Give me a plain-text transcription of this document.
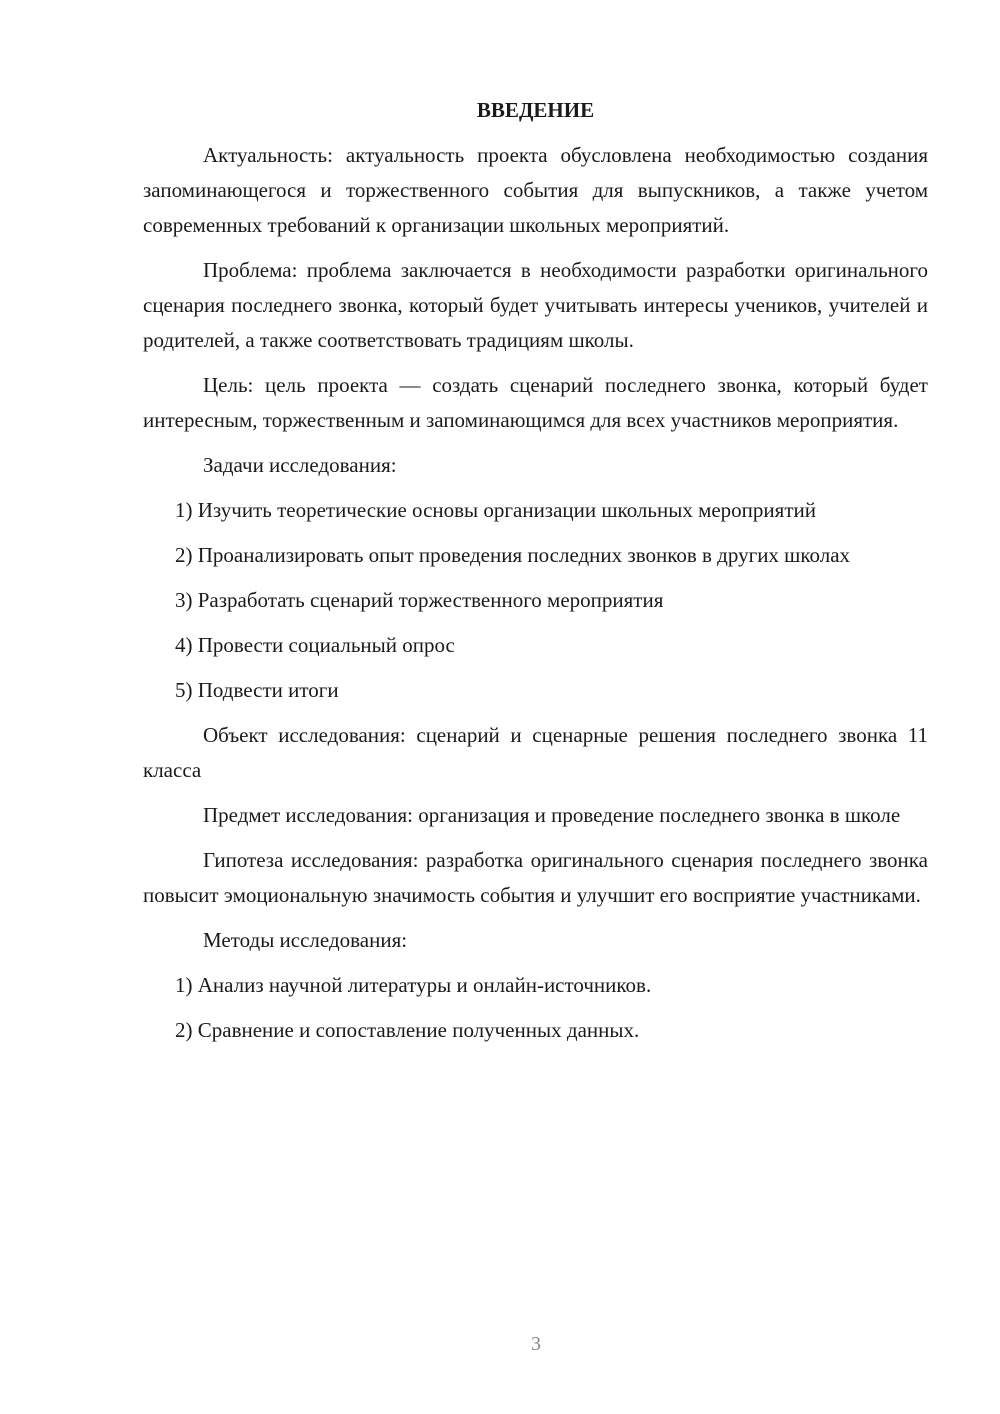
ВВЕДЕНИЕ
Актуальность: актуальность проекта обусловлена необходимостью создания запоминающегося и торжественного события для выпускников, а также учетом современных требований к организации школьных мероприятий.
Проблема: проблема заключается в необходимости разработки оригинального сценария последнего звонка, который будет учитывать интересы учеников, учителей и родителей, а также соответствовать традициям школы.
Цель: цель проекта — создать сценарий последнего звонка, который будет интересным, торжественным и запоминающимся для всех участников мероприятия.
Задачи исследования:
1) Изучить теоретические основы организации школьных мероприятий
2) Проанализировать опыт проведения последних звонков в других школах
3) Разработать сценарий торжественного мероприятия
4) Провести социальный опрос
5) Подвести итоги
Объект исследования: сценарий и сценарные решения последнего звонка 11 класса
Предмет исследования: организация и проведение последнего звонка в школе
Гипотеза исследования: разработка оригинального сценария последнего звонка повысит эмоциональную значимость события и улучшит его восприятие участниками.
Методы исследования:
1) Анализ научной литературы и онлайн-источников.
2) Сравнение и сопоставление полученных данных.
3
